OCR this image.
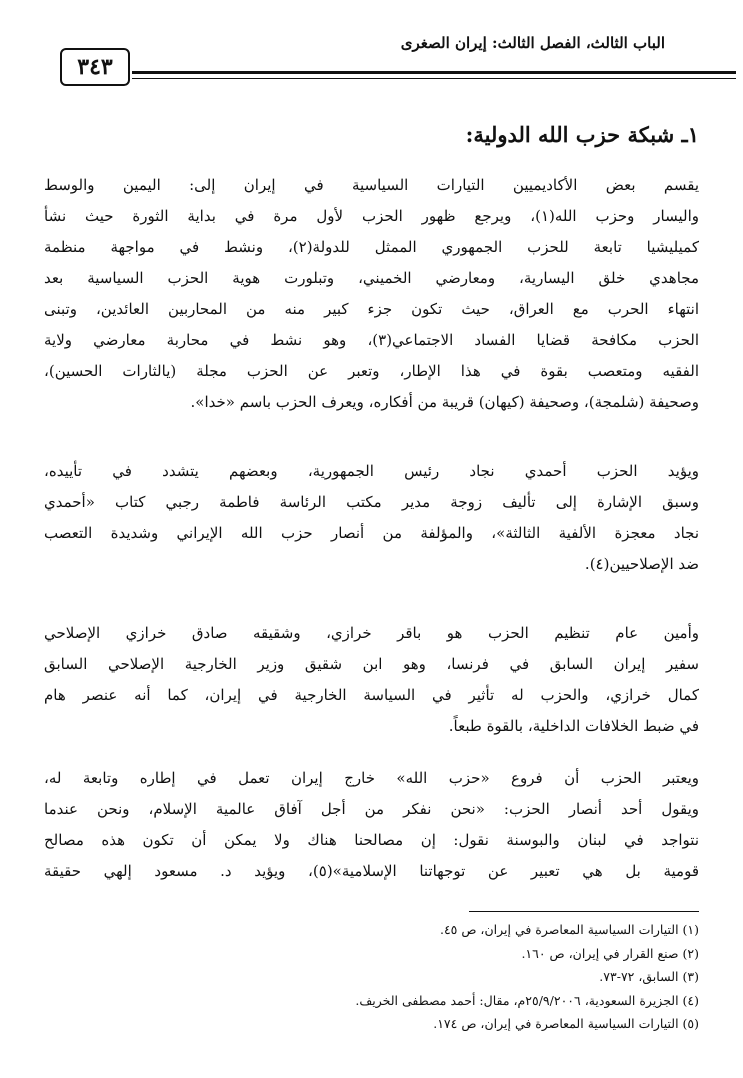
الباب الثالث، الفصل الثالث: إيران الصغرى
٣٤٣
١ـ شبكة حزب الله الدولية:
يقسم بعض الأكاديميين التيارات السياسية في إيران إلى: اليمين والوسط
واليسار وحزب الله(١)، ويرجع ظهور الحزب لأول مرة في بداية الثورة حيث نشأ
كميليشيا تابعة للحزب الجمهوري الممثل للدولة(٢)، ونشط في مواجهة منظمة
مجاهدي خلق اليسارية، ومعارضي الخميني، وتبلورت هوية الحزب السياسية بعد
انتهاء الحرب مع العراق، حيث تكون جزء كبير منه من المحاربين العائدين، وتبنى
الحزب مكافحة قضايا الفساد الاجتماعي(٣)، وهو نشط في محاربة معارضي ولاية
الفقيه ومتعصب بقوة في هذا الإطار، وتعبر عن الحزب مجلة (يالثارات الحسين)،
وصحيفة (شلمجة)، وصحيفة (كيهان) قريبة من أفكاره، ويعرف الحزب باسم «خدا».
ويؤيد الحزب أحمدي نجاد رئيس الجمهورية، وبعضهم يتشدد في تأييده،
وسبق الإشارة إلى تأليف زوجة مدير مكتب الرئاسة فاطمة رجبي كتاب «أحمدي
نجاد معجزة الألفية الثالثة»، والمؤلفة من أنصار حزب الله الإيراني وشديدة التعصب
ضد الإصلاحيين(٤).
وأمين عام تنظيم الحزب هو باقر خرازي، وشقيقه صادق خرازي الإصلاحي
سفير إيران السابق في فرنسا، وهو ابن شقيق وزير الخارجية الإصلاحي السابق
كمال خرازي، والحزب له تأثير في السياسة الخارجية في إيران، كما أنه عنصر هام
في ضبط الخلافات الداخلية، بالقوة طبعاً.
ويعتبر الحزب أن فروع «حزب الله» خارج إيران تعمل في إطاره وتابعة له،
ويقول أحد أنصار الحزب: «نحن نفكر من أجل آفاق عالمية الإسلام، ونحن عندما
نتواجد في لبنان والبوسنة نقول: إن مصالحنا هناك ولا يمكن أن تكون هذه مصالح
قومية بل هي تعبير عن توجهاتنا الإسلامية»(٥)، ويؤيد د. مسعود إلهي حقيقة
(١) التيارات السياسية المعاصرة في إيران، ص ٤٥.
(٢) صنع القرار في إيران، ص ١٦٠.
(٣) السابق، ٧٢-٧٣.
(٤) الجزيرة السعودية، ٢٥/٩/٢٠٠٦م، مقال: أحمد مصطفى الخريف.
(٥) التيارات السياسية المعاصرة في إيران، ص ١٧٤.
